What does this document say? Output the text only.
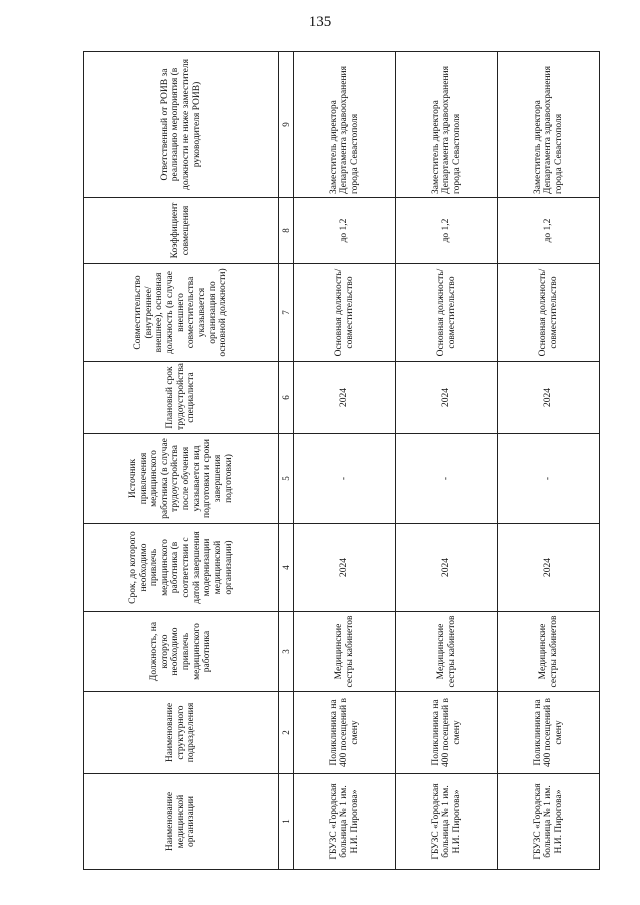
135
Наименование медицинской организации	Наименование структурного подразделения	Должность, на которую необходимо привлечь медицинского работника	Срок, до которого необходимо привлечь медицинского работника (в соответствии с датой завершения модернизации медицинской организации)	Источник привлечения медицинского работника (в случае трудоустройства после обучения указывается вид подготовки и сроки завершения подготовки)	Плановый срок трудоустройства специалиста	Совместительство (внутреннее/внешнее), основная должность (в случае внешнего совместительства указывается организация по основной должности)	Коэффициент совмещения	Ответственный от РОИВ за реализацию мероприятия (в должности не ниже заместителя руководителя РОИВ)
1	2	3	4	5	6	7	8	9
ГБУЗС «Городская больница № 1 им. Н.И. Пирогова»	Поликлиника на 400 посещений в смену	Медицинские сестры кабинетов	2024	-	2024	Основная должность/ совместительство	до 1,2	Заместитель директора Департамента здравоохранения города Севастополя
ГБУЗС «Городская больница № 1 им. Н.И. Пирогова»	Поликлиника на 400 посещений в смену	Медицинские сестры кабинетов	2024	-	2024	Основная должность/ совместительство	до 1,2	Заместитель директора Департамента здравоохранения города Севастополя
ГБУЗС «Городская больница № 1 им. Н.И. Пирогова»	Поликлиника на 400 посещений в смену	Медицинские сестры кабинетов	2024	-	2024	Основная должность/ совместительство	до 1,2	Заместитель директора Департамента здравоохранения города Севастополя
